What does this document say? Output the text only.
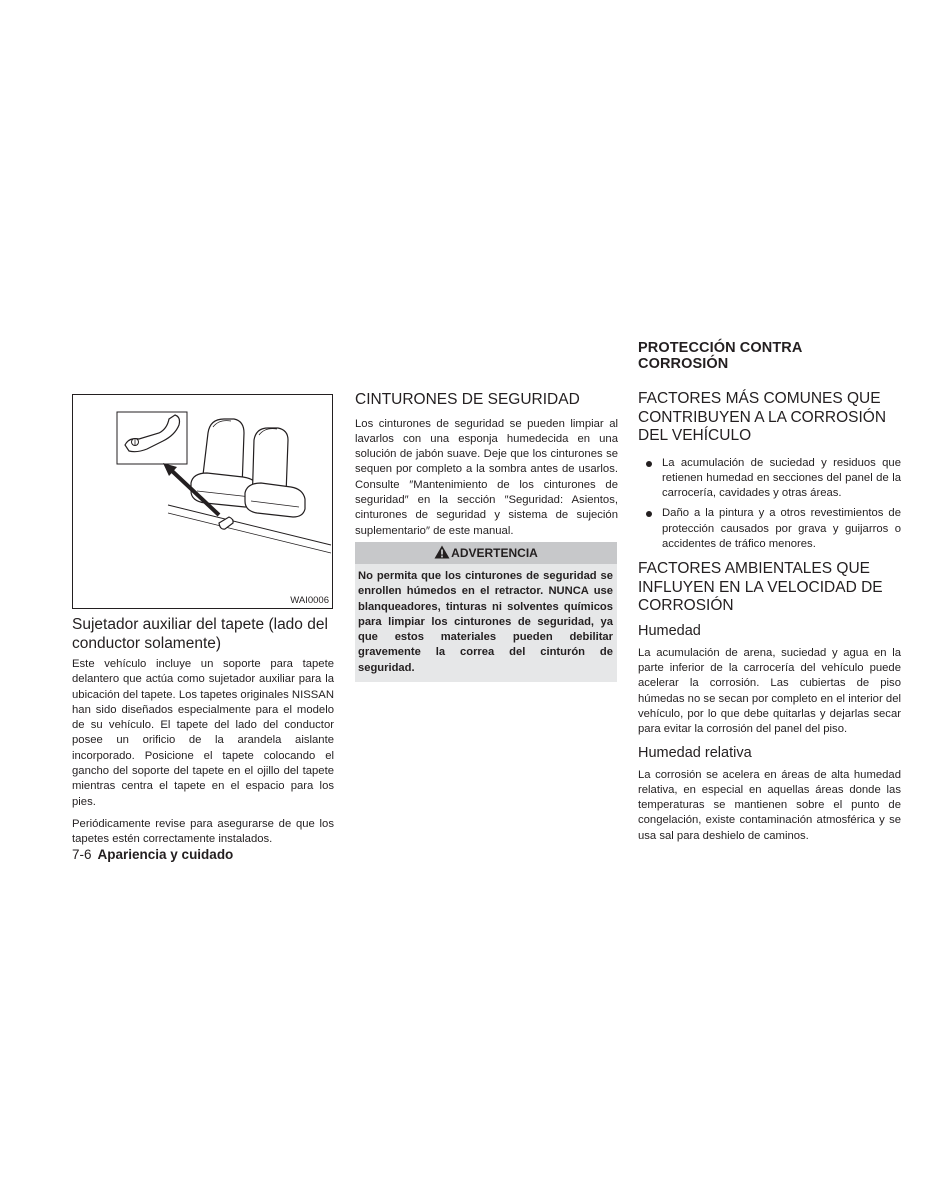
PROTECCIÓN CONTRA CORROSIÓN
WAI0006

Sujetador auxiliar del tapete (lado del conductor solamente)

Este vehículo incluye un soporte para tapete delantero que actúa como sujetador auxiliar para la ubicación del tapete. Los tapetes originales NISSAN han sido diseñados especialmente para el modelo de su vehículo. El tapete del lado del conductor posee un orificio de la arandela aislante incorporado. Posicione el tapete colocando el gancho del soporte del tapete en el ojillo del tapete mientras centra el tapete en el espacio para los pies.

Periódicamente revise para asegurarse de que los tapetes estén correctamente instalados.

CINTURONES DE SEGURIDAD

Los cinturones de seguridad se pueden limpiar al lavarlos con una esponja humedecida en una solución de jabón suave. Deje que los cinturones se sequen por completo a la sombra antes de usarlos. Consulte ″Mantenimiento de los cinturones de seguridad″ en la sección ″Seguridad: Asientos, cinturones de seguridad y sistema de sujeción suplementario″ de este manual.

ADVERTENCIA
No permita que los cinturones de seguridad se enrollen húmedos en el retractor. NUNCA use blanqueadores, tinturas ni solventes químicos para limpiar los cinturones de seguridad, ya que estos materiales pueden debilitar gravemente la correa del cinturón de seguridad.

FACTORES MÁS COMUNES QUE CONTRIBUYEN A LA CORROSIÓN DEL VEHÍCULO

La acumulación de suciedad y residuos que retienen humedad en secciones del panel de la carrocería, cavidades y otras áreas.
Daño a la pintura y a otros revestimientos de protección causados por grava y guijarros o accidentes de tráfico menores.

FACTORES AMBIENTALES QUE INFLUYEN EN LA VELOCIDAD DE CORROSIÓN

Humedad

La acumulación de arena, suciedad y agua en la parte inferior de la carrocería del vehículo puede acelerar la corrosión. Las cubiertas de piso húmedas no se secan por completo en el interior del vehículo, por lo que debe quitarlas y dejarlas secar para evitar la corrosión del panel del piso.

Humedad relativa

La corrosión se acelera en áreas de alta humedad relativa, en especial en aquellas áreas donde las temperaturas se mantienen sobre el punto de congelación, existe contaminación atmosférica y se usa sal para deshielo de caminos.

7-6 Apariencia y cuidado
